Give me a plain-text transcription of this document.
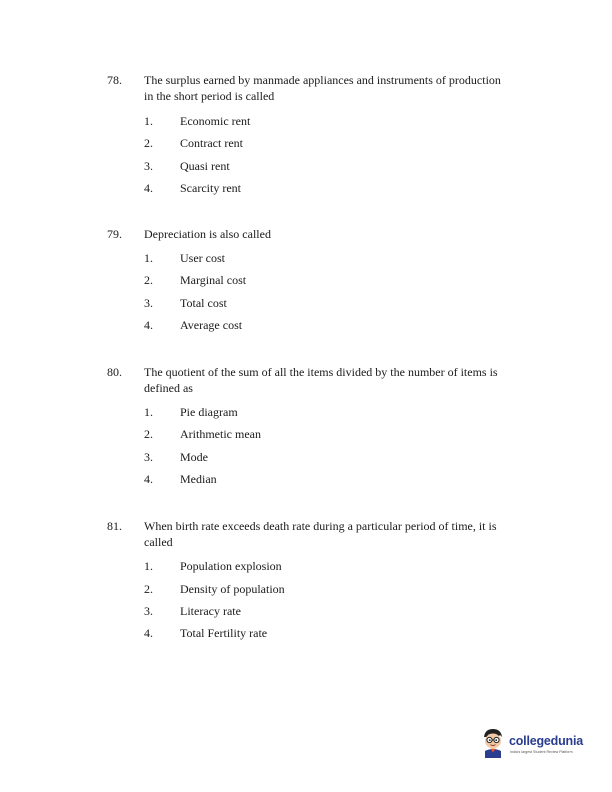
78. The surplus earned by manmade appliances and instruments of production in the short period is called
1. Economic rent
2. Contract rent
3. Quasi rent
4. Scarcity rent
79. Depreciation is also called
1. User cost
2. Marginal cost
3. Total cost
4. Average cost
80. The quotient of the sum of all the items divided by the number of items is defined as
1. Pie diagram
2. Arithmetic mean
3. Mode
4. Median
81. When birth rate exceeds death rate during a particular period of time, it is called
1. Population explosion
2. Density of population
3. Literacy rate
4. Total Fertility rate
collegedunia
India's largest Student Review Platform
